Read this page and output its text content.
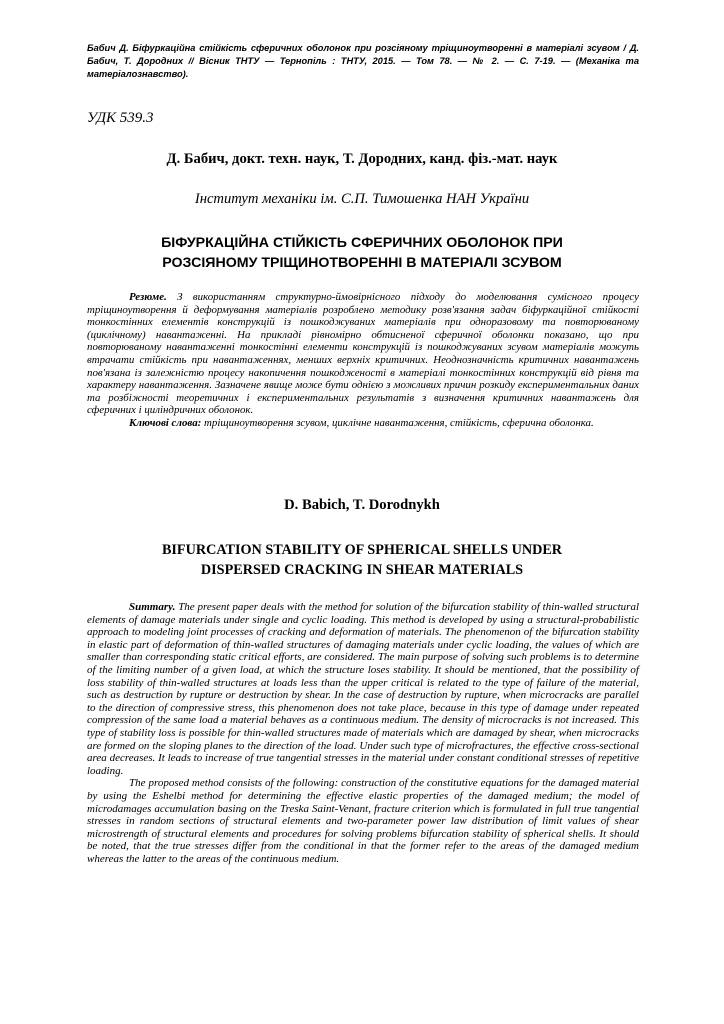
Бабич Д. Біфуркаційна стійкість сферичних оболонок при розсіяному тріщиноутворенні в матеріалі зсувом / Д. Бабич, Т. Дородних // Вісник ТНТУ — Тернопіль : ТНТУ, 2015. — Том 78. — № 2. — С. 7-19. — (Механіка та матеріалознавство).
УДК 539.3
Д. Бабич, докт. техн. наук, Т. Дородних, канд. фіз.-мат. наук
Інститут механіки ім. С.П. Тимошенка НАН України
БІФУРКАЦІЙНА СТІЙКІСТЬ СФЕРИЧНИХ ОБОЛОНОК ПРИ
РОЗСІЯНОМУ ТРІЩИНОТВОРЕННІ В МАТЕРІАЛІ ЗСУВОМ

Резюме. З використанням структурно-ймовірнісного підходу до моделювання сумісного процесу тріщиноутворення й деформування матеріалів розроблено методику розв'язання задач біфуркаційної стійкості тонкостінних елементів конструкцій із пошкоджуваних матеріалів при одноразовому та повторюваному (циклічному) навантаженні. На прикладі рівномірно обтисненої сферичної оболонки показано, що при повторюваному навантаженні тонкостінні елементи конструкцій із пошкоджуваних зсувом матеріалів можуть втрачати стійкість при навантаженнях, менших верхніх критичних. Неоднозначність критичних навантажень пов'язана із залежністю процесу накопичення пошкодженості в матеріалі тонкостінних конструкцій від рівня та характеру навантаження. Зазначене явище може бути однією з можливих причин розкиду експериментальних даних та розбіжності теоретичних і експериментальних результатів з визначення критичних навантажень для сферичних і циліндричних оболонок.

Ключові слова: тріщиноутворення зсувом, циклічне навантаження, стійкість, сферична оболонка.

D. Babich, T. Dorodnykh
BIFURCATION STABILITY OF SPHERICAL SHELLS UNDER
DISPERSED CRACKING IN SHEAR MATERIALS

Summary. The present paper deals with the method for solution of the bifurcation stability of thin-walled structural elements of damage materials under single and cyclic loading. This method is developed by using a structural-probabilistic approach to modeling joint processes of cracking and deformation of materials. The phenomenon of the bifurcation stability in elastic part of deformation of thin-walled structures of damaging materials under cyclic loading, the values of which are smaller than corresponding static critical efforts, are considered. The main purpose of solving such problems is to determine of the limiting number of a given load, at which the structure loses stability. It should be mentioned, that the possibility of loss stability of thin-walled structures at loads less than the upper critical is related to the type of failure of the material, such as destruction by rupture or destruction by shear. In the case of destruction by rupture, when microcracks are parallel to the direction of compressive stress, this phenomenon does not take place, because in this type of damage under repeated compression of the same load a material behaves as a continuous medium. The density of microcracks is not increased. This type of stability loss is possible for thin-walled structures made of materials which are damaged by shear, when microcracks are formed on the sloping planes to the direction of the load. Under such type of microfractures, the effective cross-sectional area decreases. It leads to increase of true tangential stresses in the material under constant conditional stresses of repetitive loading.

The proposed method consists of the following: construction of the constitutive equations for the damaged material by using the Eshelbi method for determining the effective elastic properties of the damaged medium; the model of microdamages accumulation basing on the Treska Saint-Venant, fracture criterion which is formulated in full true tangential stresses in random sections of structural elements and two-parameter power law distribution of limit values of shear microstrength of structural elements and procedures for solving problems bifurcation stability of spherical shells. It should be noted, that the true stresses differ from the conditional in that the former refer to the areas of the damaged medium whereas the latter to the areas of the continuous medium.
